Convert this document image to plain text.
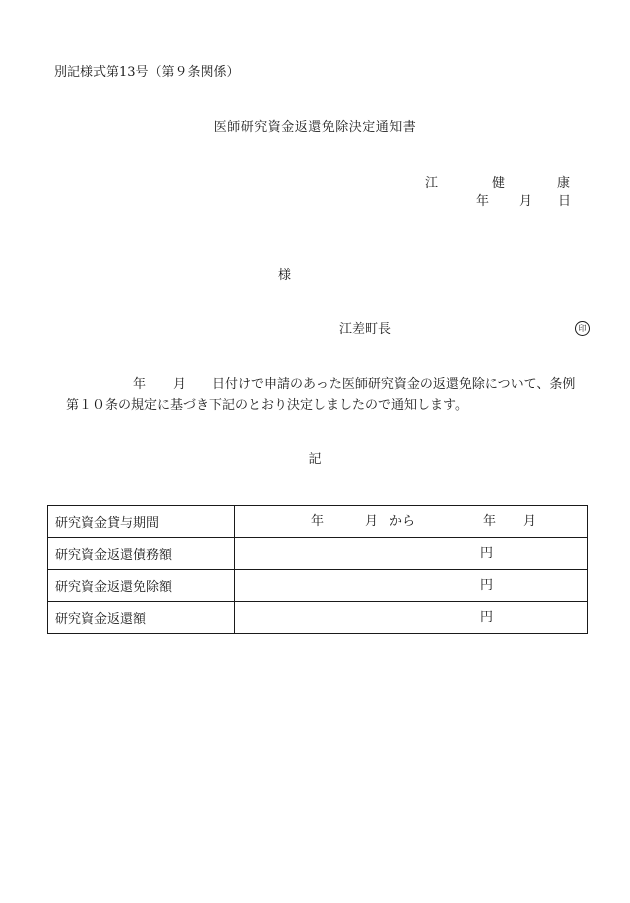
別記様式第13号（第９条関係）
医師研究資金返還免除決定通知書
江	健	康
年 月 日
様
江差町長	印
年 月 日付けで申請のあった医師研究資金の返還免除について、条例
第１０条の規定に基づき下記のとおり決定しましたので通知します。
記
研究資金貸与期間	年 月 から 年 月

研究資金返還債務額	円

研究資金返還免除額	円

研究資金返還額	円
